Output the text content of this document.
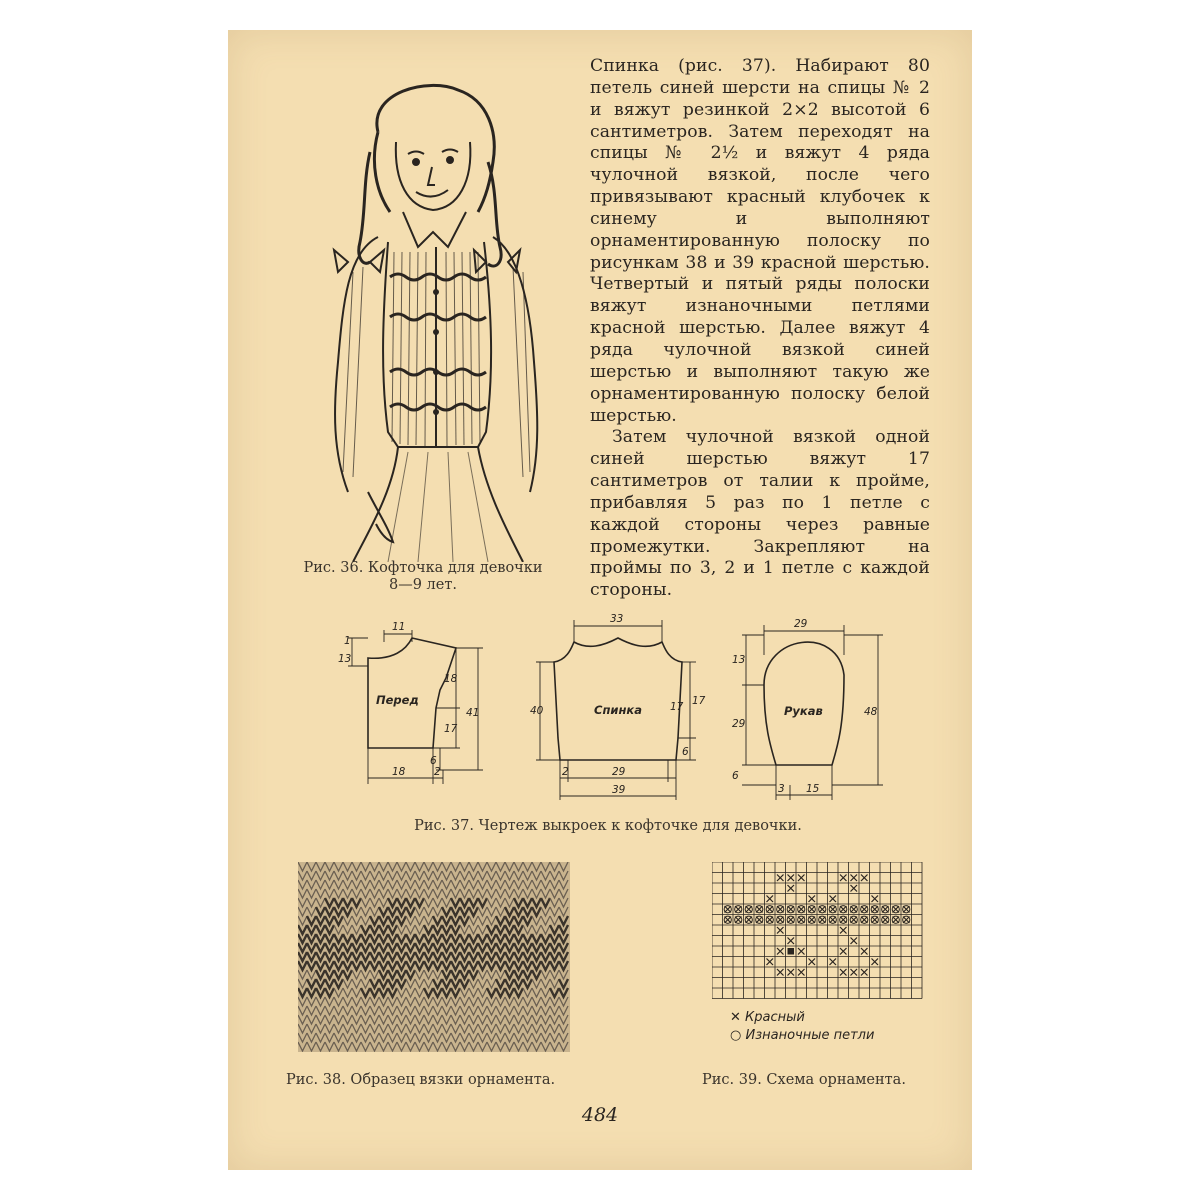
Рис. 36. Кофточка для девочки
8—9 лет.

Спинка (рис. 37). Набирают 80 петель синей шерсти на спицы № 2 и вяжут резинкой 2×2 высотой 6 сантиметров. Затем переходят на спицы № 2½ и вяжут 4 ряда чулочной вязкой, после чего привязывают красный клубочек к синему и выполняют орнаментированную полоску по рисункам 38 и 39 красной шерстью. Четвертый и пятый ряды полоски вяжут изнаночными петлями красной шерстью. Далее вяжут 4 ряда чулочной вязкой синей шерстью и выполняют такую же орнаментированную полоску белой шерстью.

Затем чулочной вязкой одной синей шерстью вяжут 17 сантиметров от талии к пройме, прибавляя 5 раз по 1 петле с каждой стороны через равные промежутки. Закрепляют на проймы по 3, 2 и 1 петле с каждой стороны.

11
1
13
18
41
17
6
18	2
Перед
33
40
17
17
6
2	29
39
Спинка
29
13
29
48
6
3 15
Рукав
Рис. 37. Чертеж выкроек к кофточке для девочки.
✕ Красный
○ Изнаночные петли
Рис. 38. Образец вязки орнамента.	Рис. 39. Схема орнамента.
484
